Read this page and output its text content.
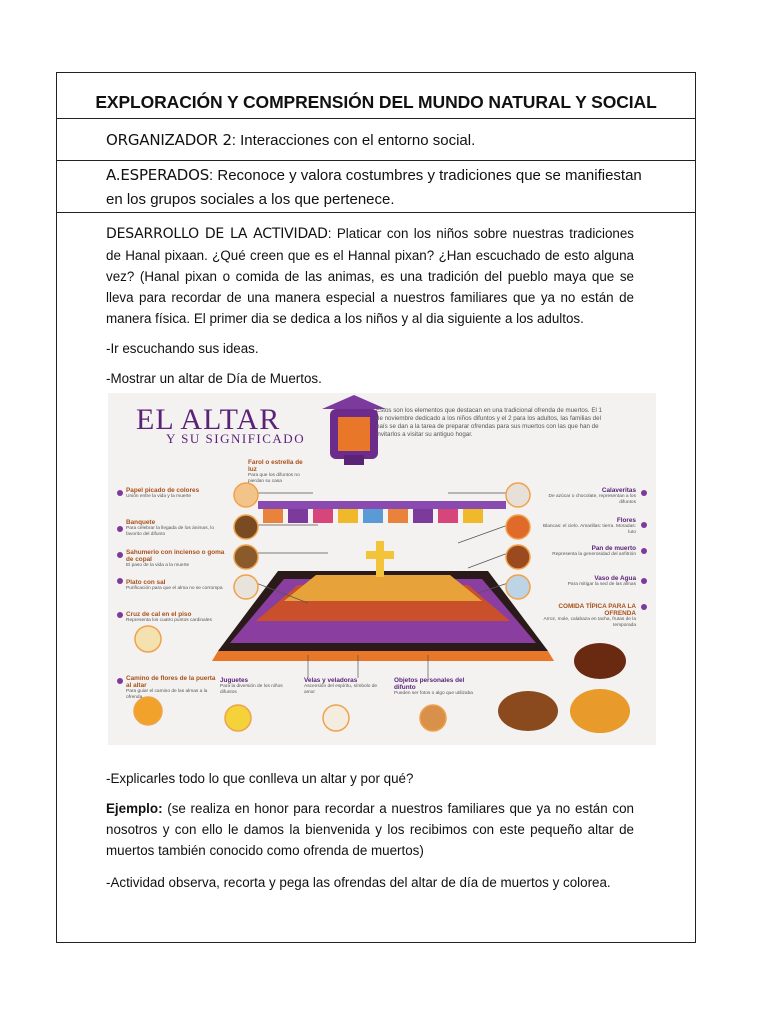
EXPLORACIÓN Y COMPRENSIÓN DEL MUNDO NATURAL Y SOCIAL
ORGANIZADOR 2: Interacciones con el entorno social.
A.ESPERADOS: Reconoce y valora costumbres y tradiciones que se manifiestan
en los grupos sociales a los que pertenece.
DESARROLLO DE LA ACTIVIDAD: Platicar con los niños sobre nuestras tradiciones de Hanal pixaan. ¿Qué creen que es el Hannal pixan? ¿Han escuchado de esto alguna vez? (Hanal pixan o comida de las animas, es una tradición del pueblo maya que se lleva para recordar de una manera especial a nuestros familiares que ya no están de manera física. El primer dia se dedica a los niños y al dia siguiente a los adultos.
-Ir escuchando sus ideas.
-Mostrar un altar de Día de Muertos.
EL ALTAR
Y SU SIGNIFICADO
Estos son los elementos que destacan en una tradicional ofrenda de muertos. El 1 de noviembre dedicado a los niños difuntos y el 2 para los adultos, las familias del país se dan a la tarea de preparar ofrendas para sus muertos con las que han de invitarlos a visitar su antiguo hogar.
Farol o estrella de luz
Para que los difuntos no pierdan su casa
Papel picado de colores
Unión entre la vida y la muerte
Banquete
Para celebrar la llegada de los ánimas, lo favorito del difunto
Sahumerio con incienso o goma de copal
El paso de la vida a la muerte
Plato con sal
Purificación para que el alma no se corrompa
Cruz de cal en el piso
Representa los cuatro puntos cardinales
Camino de flores de la puerta al altar
Para guiar el camino de las almas a la ofrenda
Calaveritas
De azúcar o chocolate, representan a los difuntos
Flores
Blancas: el cielo. Amarillas: tierra. Moradas: luto
Pan de muerto
Representa la generosidad del anfitrión
Vaso de Agua
Para mitigar la sed de las almas
COMIDA TÍPICA PARA LA OFRENDA
Arroz, mole, calabaza en tacha, frutas de la temporada
Juguetes
Para la diversión de los niños difuntos
Velas y veladoras
Ascensión del espíritu, símbolo de amor
Objetos personales del difunto
Pueden ser fotos o algo que utilizaba
-Explicarles todo lo que conlleva un altar y por qué?
Ejemplo: (se realiza en honor para recordar a nuestros familiares que ya no están con nosotros y con ello le damos la bienvenida y los recibimos con este pequeño altar de muertos también conocido como ofrenda de muertos)
-Actividad observa, recorta y pega las ofrendas del altar de día de muertos y colorea.
